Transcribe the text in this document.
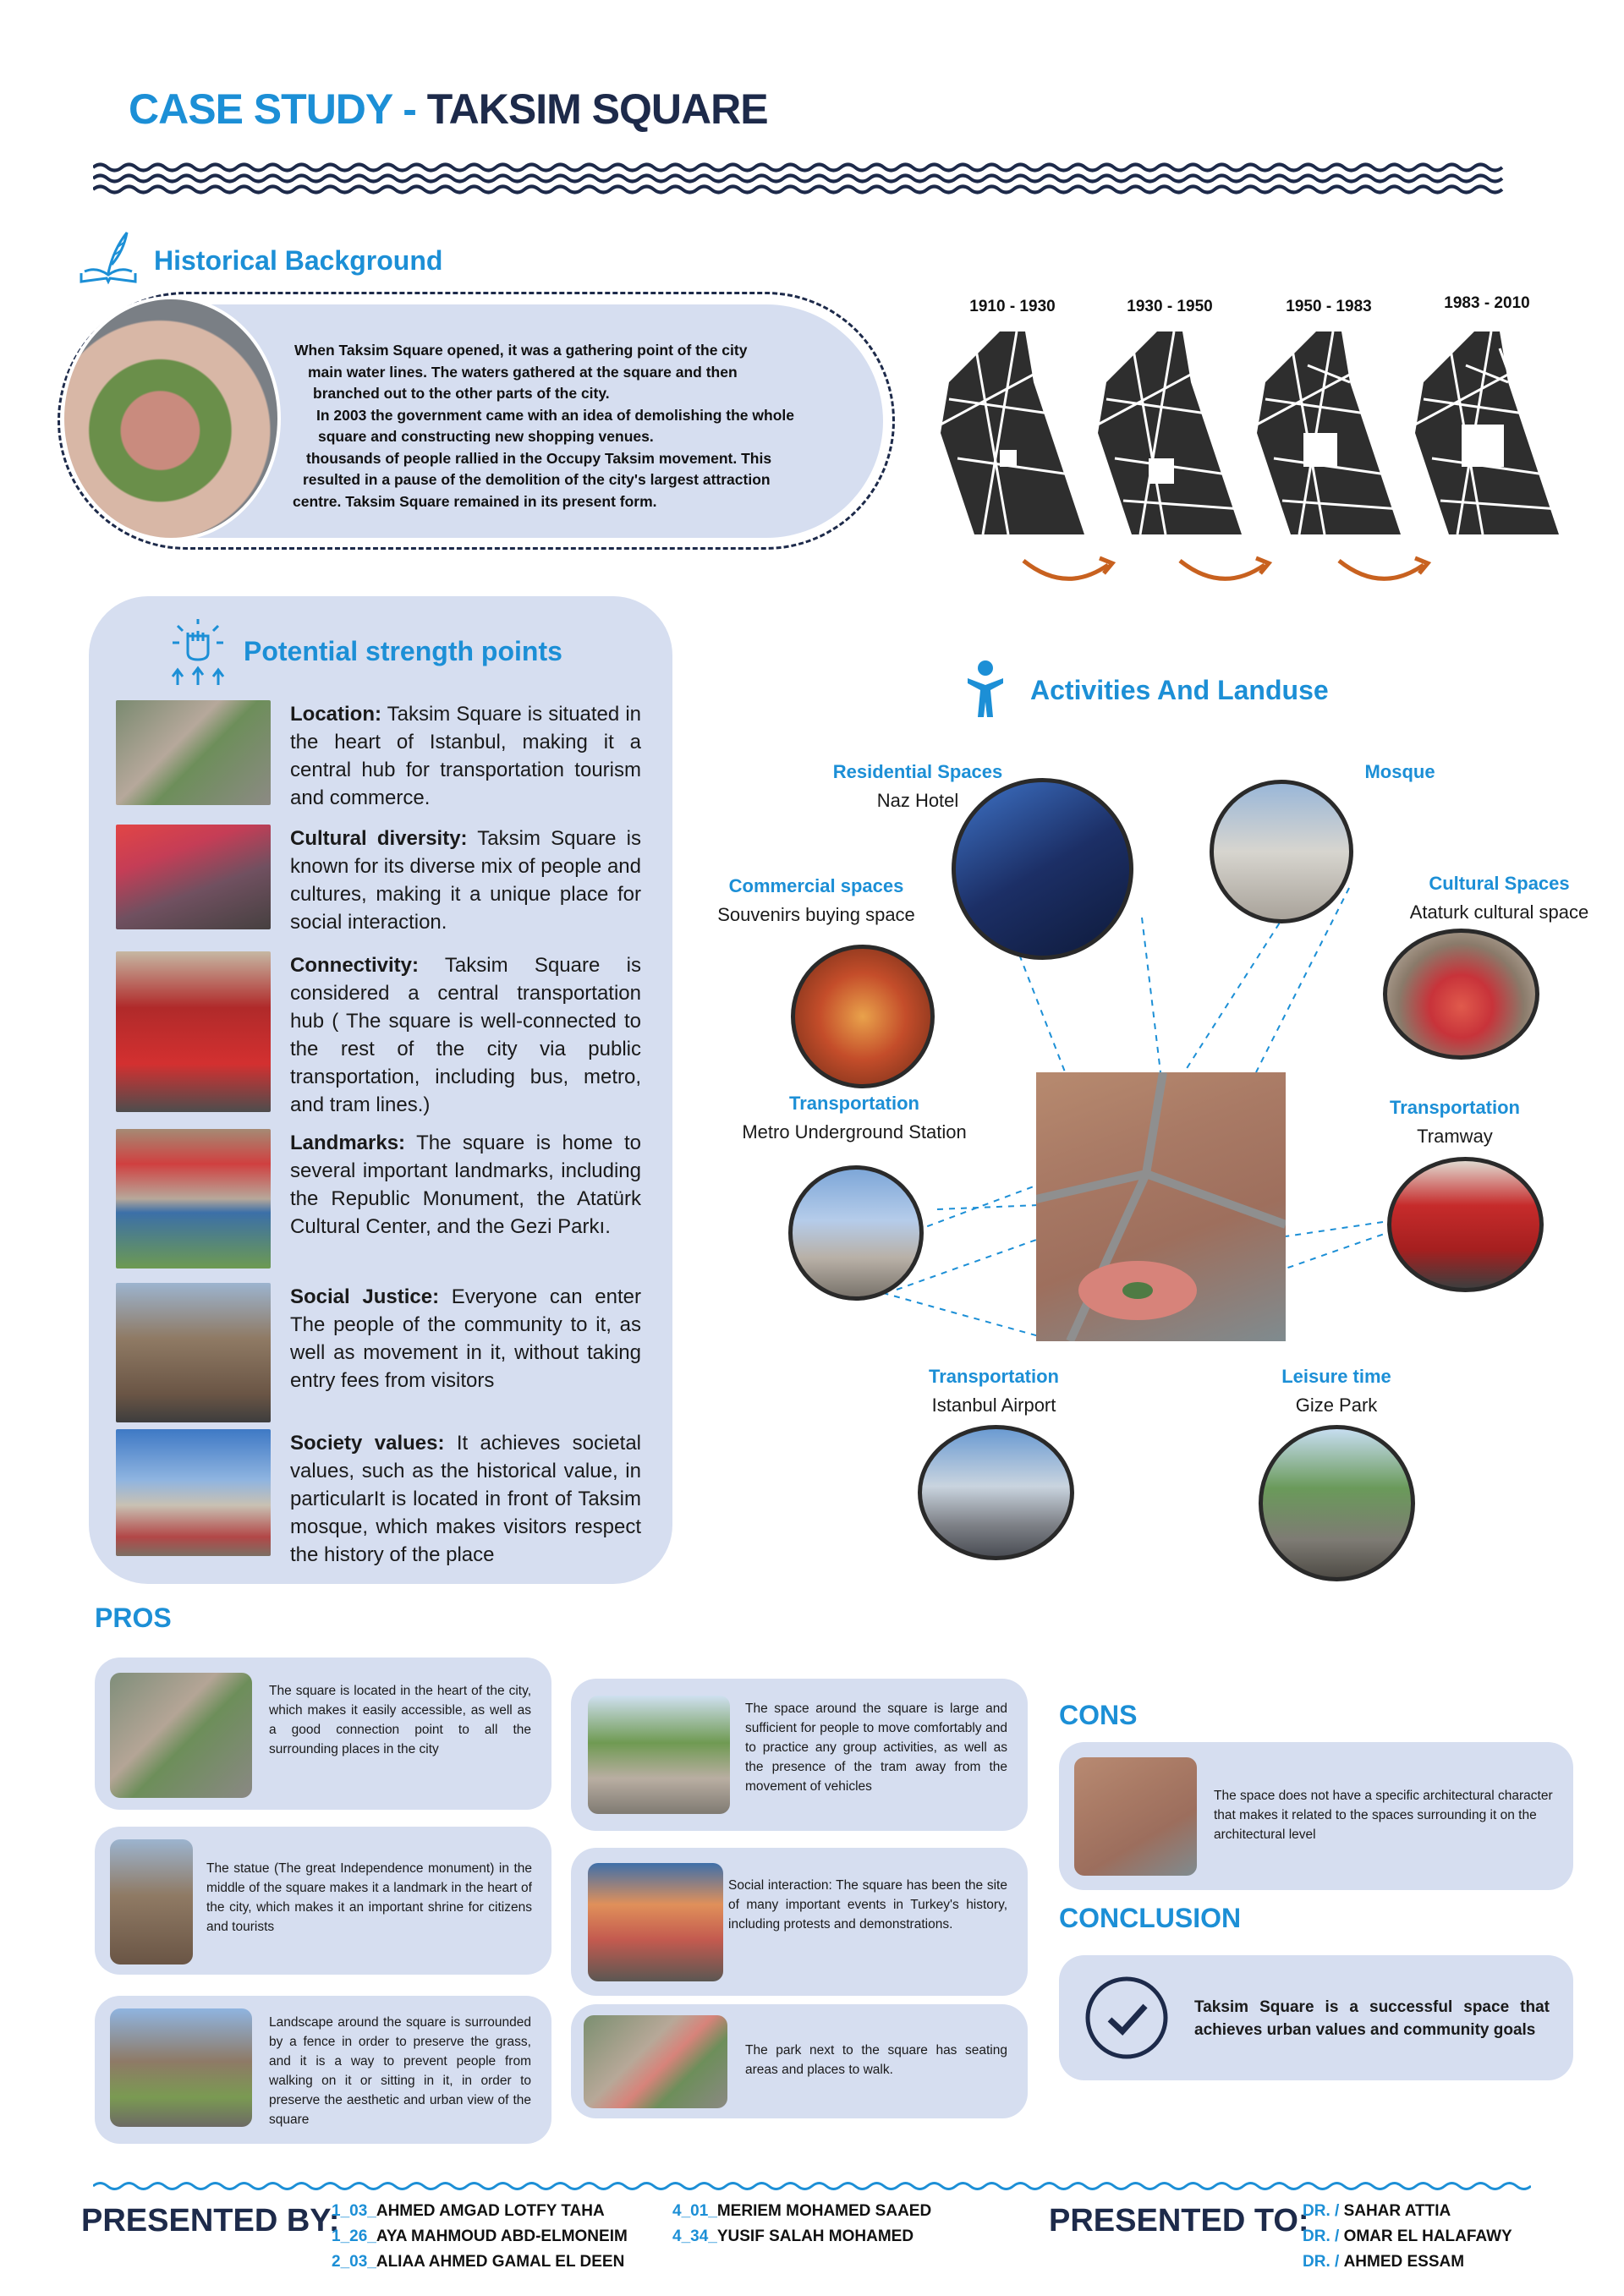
CASE STUDY - TAKSIM SQUARE
Historical Background
When Taksim Square opened, it was a gathering point of the city
main water lines. The waters gathered at the square and then
branched out to the other parts of the city.
In 2003 the government came with an idea of demolishing the whole
square and constructing new shopping venues.
thousands of people rallied in the Occupy Taksim movement. This
resulted in a pause of the demolition of the city's largest attraction
centre. Taksim Square remained in its present form.
1910 - 1930	1930 - 1950	1950 - 1983	1983 - 2010
Potential strength points
Location: Taksim Square is situated in the heart of Istanbul, making it a central hub for transportation tourism and commerce.
Cultural diversity: Taksim Square is known for its diverse mix of people and cultures, making it a unique place for social interaction.
Connectivity: Taksim Square is considered a central transportation hub ( The square is well-connected to the rest of the city via public transportation, including bus, metro, and tram lines.)
Landmarks: The square is home to several important landmarks, including the Republic Monument, the Atatürk Cultural Center, and the Gezi Parkı.
Social Justice: Everyone can enter The people of the community to it, as well as movement in it, without taking entry fees from visitors
Society values: It achieves societal values, such as the historical value, in particularIt is located in front of Taksim mosque, which makes visitors respect the history of the place
Activities And Landuse
Residential Spaces
Naz Hotel
Mosque
Commercial spaces
Souvenirs buying space
Cultural Spaces
Ataturk cultural space
Transportation
Metro Underground Station
Transportation
Tramway
Transportation
Istanbul Airport
Leisure time
Gize Park
PROS
The square is located in the heart of the city, which makes it easily accessible, as well as a good connection point to all the surrounding places in the city
The statue (The great Independence monument) in the middle of the square makes it a landmark in the heart of the city, which makes it an important shrine for citizens and tourists
Landscape around the square is surrounded by a fence in order to preserve the grass, and it is a way to prevent people from walking on it or sitting in it, in order to preserve the aesthetic and urban view of the square
The space around the square is large and sufficient for people to move comfortably and to practice any group activities, as well as the presence of the tram away from the movement of vehicles
Social interaction: The square has been the site of many important events in Turkey's history, including protests and demonstrations.
The park next to the square has seating areas and places to walk.
CONS
The space does not have a specific architectural character that makes it related to the spaces surrounding it on the architectural level
CONCLUSION
Taksim Square is a successful space that achieves urban values and community goals
PRESENTED BY:
1_03_AHMED AMGAD LOTFY TAHA
1_26_AYA MAHMOUD ABD-ELMONEIM
2_03_ALIAA AHMED GAMAL EL DEEN
4_01_MERIEM MOHAMED SAAED
4_34_YUSIF SALAH MOHAMED	PRESENTED TO:
DR. / SAHAR ATTIA
DR. / OMAR EL HALAFAWY
DR. / AHMED ESSAM
